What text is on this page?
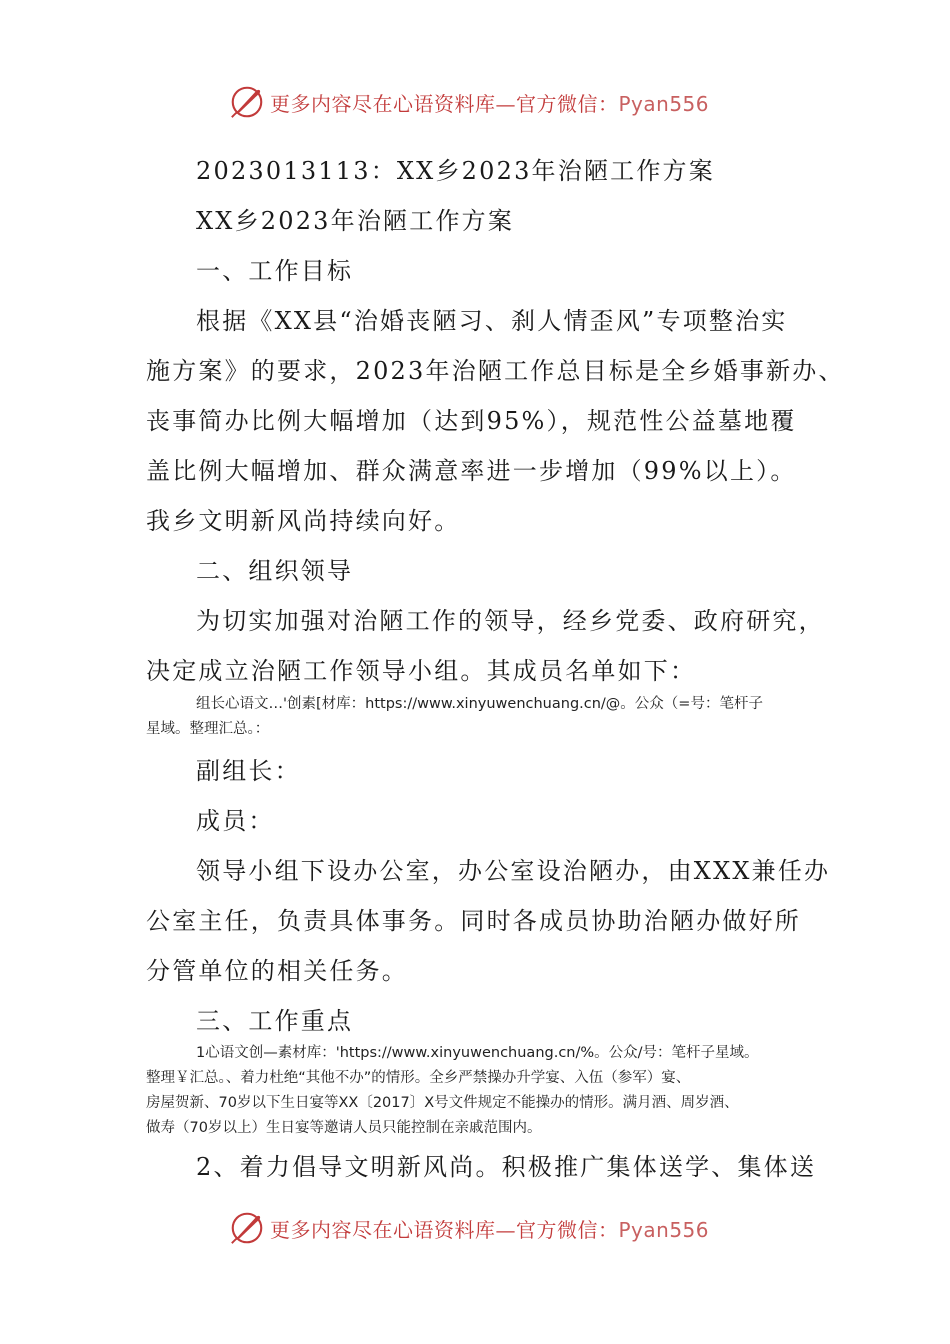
更多内容尽在心语资料库—官方微信：Pyan556

2023013113：XX乡2023年治陋工作方案

XX乡2023年治陋工作方案

一、工作目标

根据《XX县“治婚丧陋习、刹人情歪风”专项整治实

施方案》的要求，2023年治陋工作总目标是全乡婚事新办、

丧事简办比例大幅增加（达到95%），规范性公益墓地覆

盖比例大幅增加、群众满意率进一步增加（99%以上）。

我乡文明新风尚持续向好。

二、组织领导

为切实加强对治陋工作的领导，经乡党委、政府研究，

决定成立治陋工作领导小组。其成员名单如下：

组长心语文…'创素[材库：https://www.xinyuwenchuang.cn/@。公众（=号：笔杆子

星域。整理汇总。：

副组长：

成员：

领导小组下设办公室，办公室设治陋办，由XXX兼任办

公室主任，负责具体事务。同时各成员协助治陋办做好所

分管单位的相关任务。

三、工作重点

1心语文创—素材库：'https://www.xinyuwenchuang.cn/%。公众/号：笔杆子星域。

整理￥汇总。、着力杜绝“其他不办”的情形。全乡严禁操办升学宴、入伍（参军）宴、

房屋贺新、70岁以下生日宴等XX〔2017〕X号文件规定不能操办的情形。满月酒、周岁酒、

做寿（70岁以上）生日宴等邀请人员只能控制在亲戚范围内。

2、着力倡导文明新风尚。积极推广集体送学、集体送

更多内容尽在心语资料库—官方微信：Pyan556
